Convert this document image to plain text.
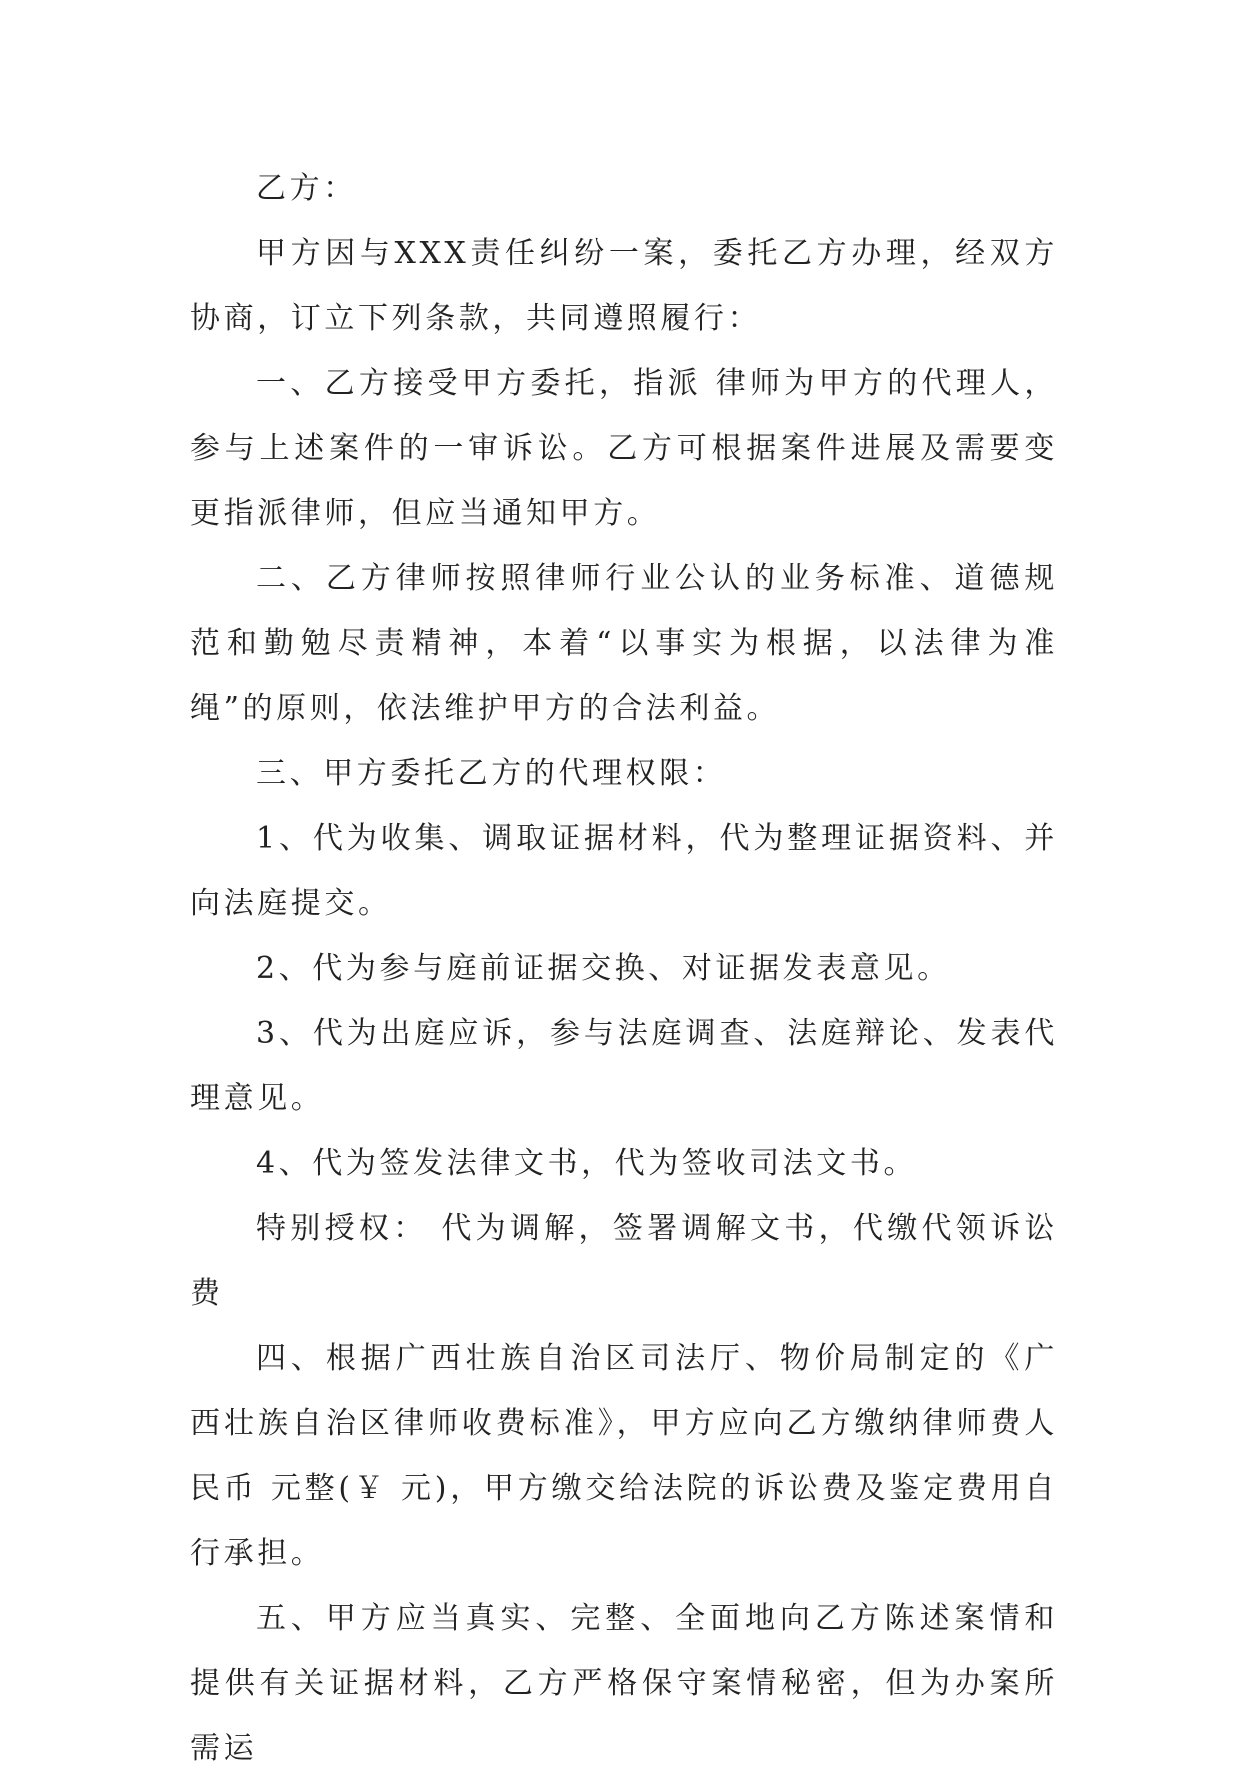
乙方：

甲方因与XXX责任纠纷一案，委托乙方办理，经双方协商，订立下列条款，共同遵照履行：

一、乙方接受甲方委托，指派 律师为甲方的代理人，参与上述案件的一审诉讼。乙方可根据案件进展及需要变更指派律师，但应当通知甲方。

二、乙方律师按照律师行业公认的业务标准、道德规范和勤勉尽责精神，本着“以事实为根据，以法律为准绳”的原则，依法维护甲方的合法利益。

三、甲方委托乙方的代理权限：

1、代为收集、调取证据材料，代为整理证据资料、并向法庭提交。

2、代为参与庭前证据交换、对证据发表意见。

3、代为出庭应诉，参与法庭调查、法庭辩论、发表代理意见。

4、代为签发法律文书，代为签收司法文书。

特别授权： 代为调解，签署调解文书，代缴代领诉讼费

四、根据广西壮族自治区司法厅、物价局制定的《广西壮族自治区律师收费标准》，甲方应向乙方缴纳律师费人民币 元整(￥ 元)，甲方缴交给法院的诉讼费及鉴定费用自行承担。

五、甲方应当真实、完整、全面地向乙方陈述案情和提供有关证据材料，乙方严格保守案情秘密，但为办案所需运
